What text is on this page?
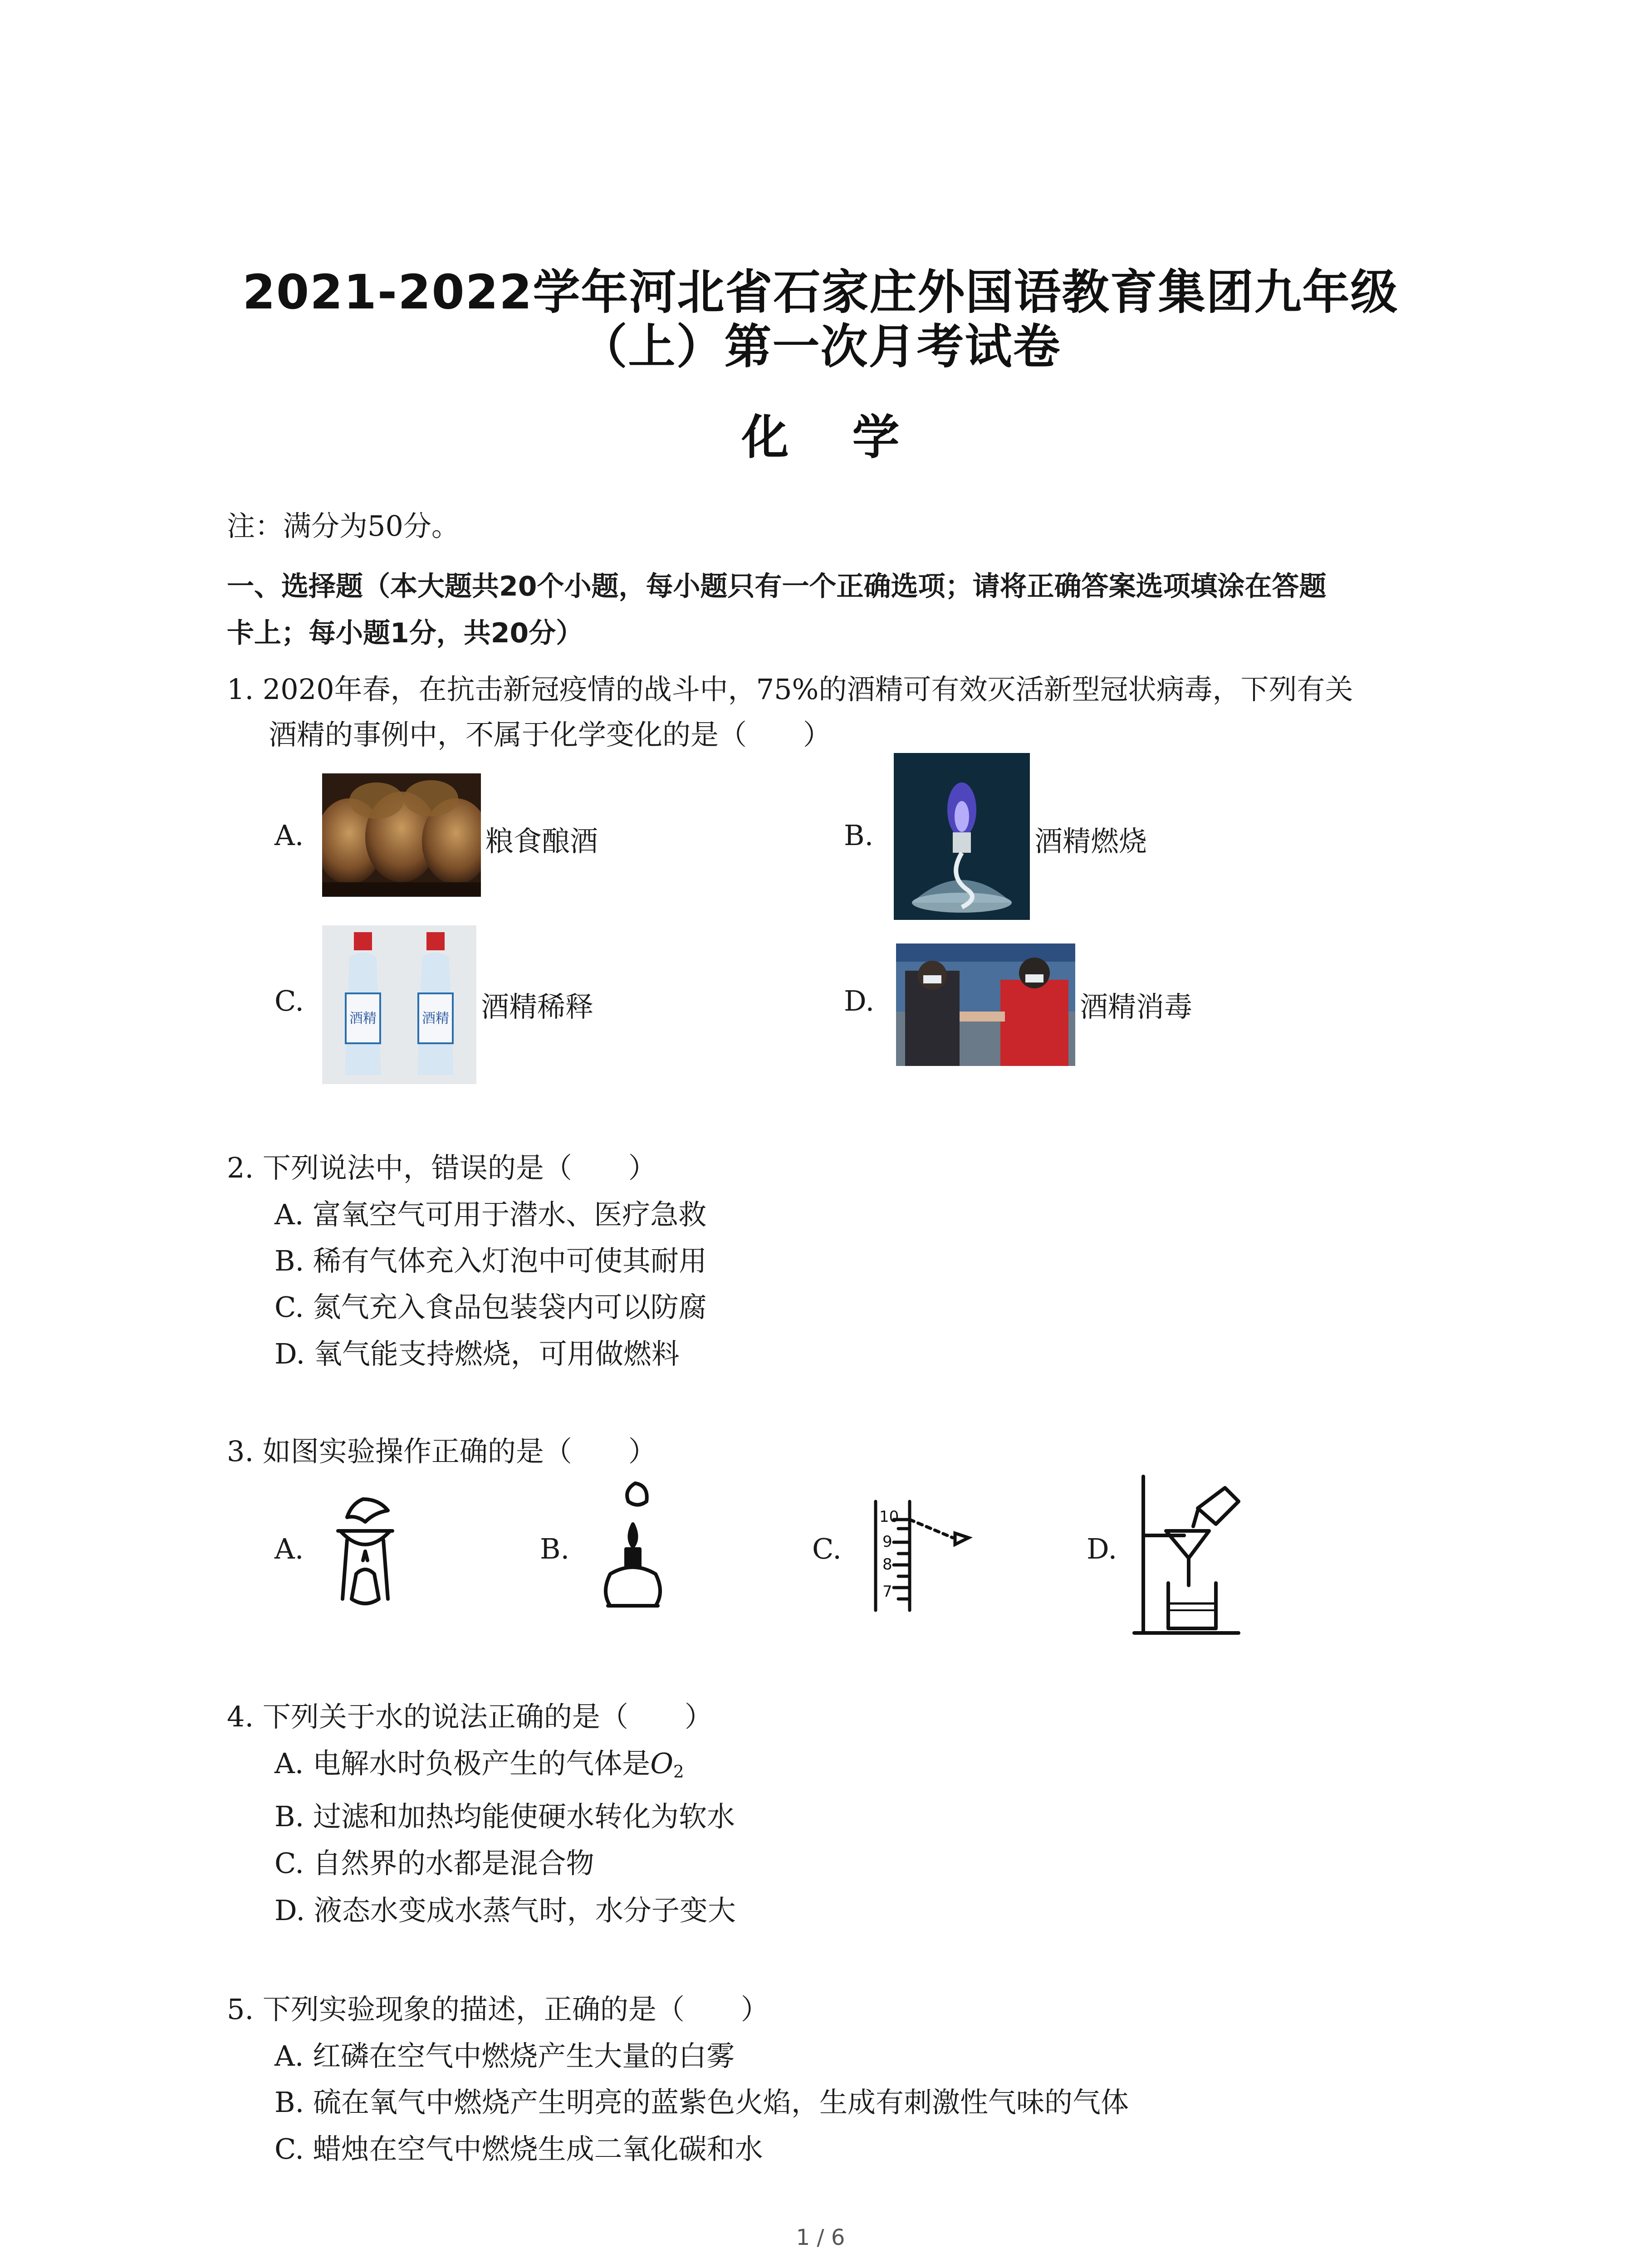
2021-2022学年河北省石家庄外国语教育集团九年级
（上）第一次月考试卷
化 学
注：满分为50分。
一、选择题（本大题共20个小题，每小题只有一个正确选项；请将正确答案选项填涂在答题
卡上；每小题1分，共20分）
1. 2020年春，在抗击新冠疫情的战斗中，75%的酒精可有效灭活新型冠状病毒，下列有关
酒精的事例中，不属于化学变化的是（　　）
A.	粮食酿酒	B.	酒精燃烧
C.
酒精	酒精 酒精稀释	D.	酒精消毒
2. 下列说法中，错误的是（　　）
A. 富氧空气可用于潜水、医疗急救
B. 稀有气体充入灯泡中可使其耐用
C. 氮气充入食品包装袋内可以防腐
D. 氧气能支持燃烧，可用做燃料
3. 如图实验操作正确的是（　　）
A.	B.	C.
10
9
8
7
D.
4. 下列关于水的说法正确的是（　　）
A. 电解水时负极产生的气体是$O_2$
B. 过滤和加热均能使硬水转化为软水
C. 自然界的水都是混合物
D. 液态水变成水蒸气时，水分子变大
5. 下列实验现象的描述，正确的是（　　）
A. 红磷在空气中燃烧产生大量的白雾
B. 硫在氧气中燃烧产生明亮的蓝紫色火焰，生成有刺激性气味的气体
C. 蜡烛在空气中燃烧生成二氧化碳和水
1 / 6
